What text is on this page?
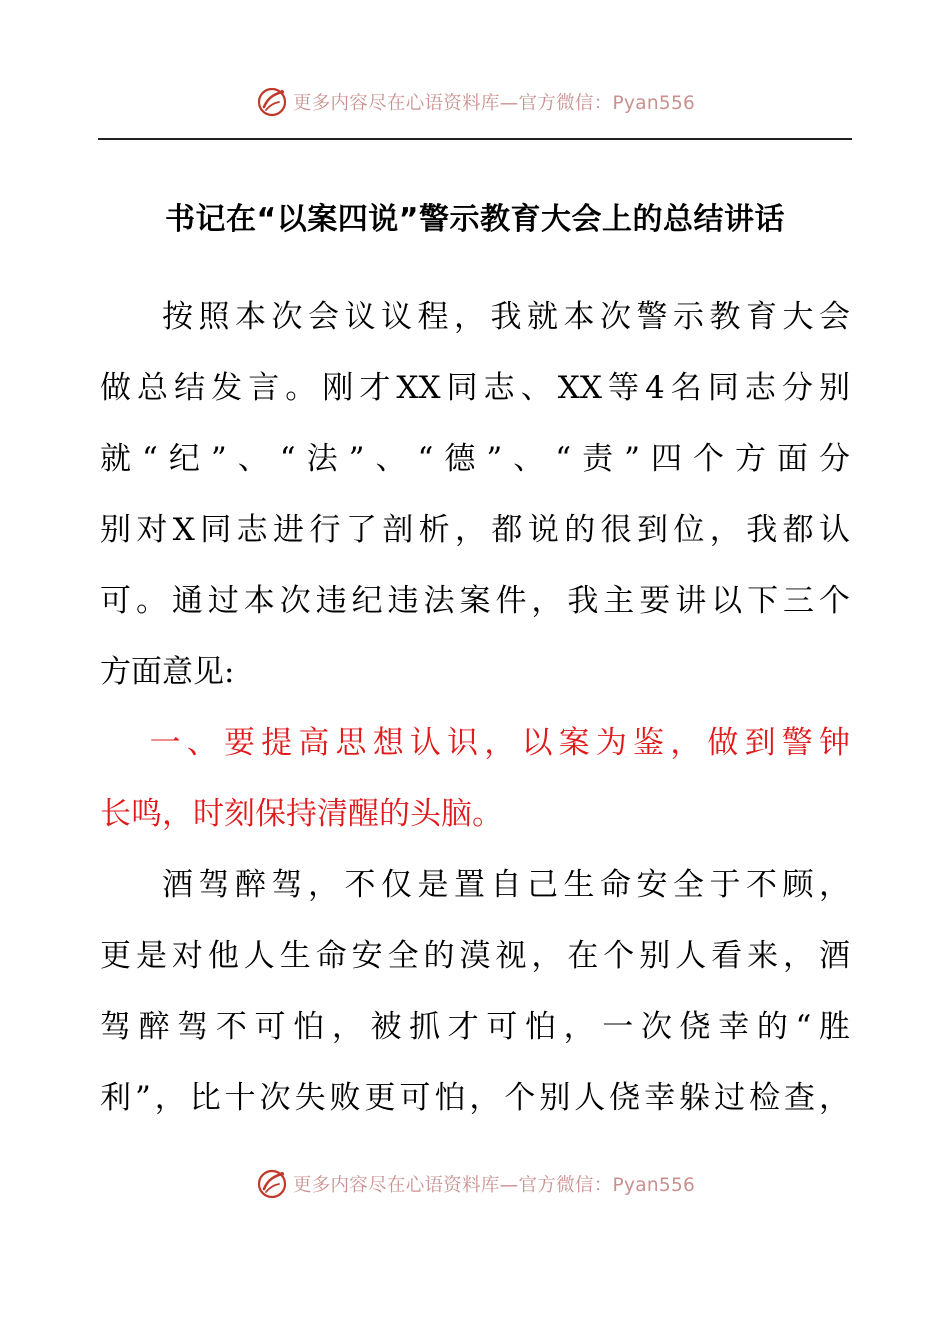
更多内容尽在心语资料库—官方微信：Pyan556
书记在“以案四说”警示教育大会上的总结讲话

按照本次会议议程，我就本次警示教育大会
做总结发言。刚才XX同志、XX等4名同志分别
就“纪”、“法”、“德”、“责”四个方面分
别对X同志进行了剖析，都说的很到位，我都认
可。通过本次违纪违法案件，我主要讲以下三个
方面意见:

一、要提高思想认识，以案为鉴，做到警钟
长鸣，时刻保持清醒的头脑。

酒驾醉驾，不仅是置自己生命安全于不顾，
更是对他人生命安全的漠视，在个别人看来，酒
驾醉驾不可怕，被抓才可怕，一次侥幸的“胜
利”，比十次失败更可怕，个别人侥幸躲过检查，

更多内容尽在心语资料库—官方微信：Pyan556
